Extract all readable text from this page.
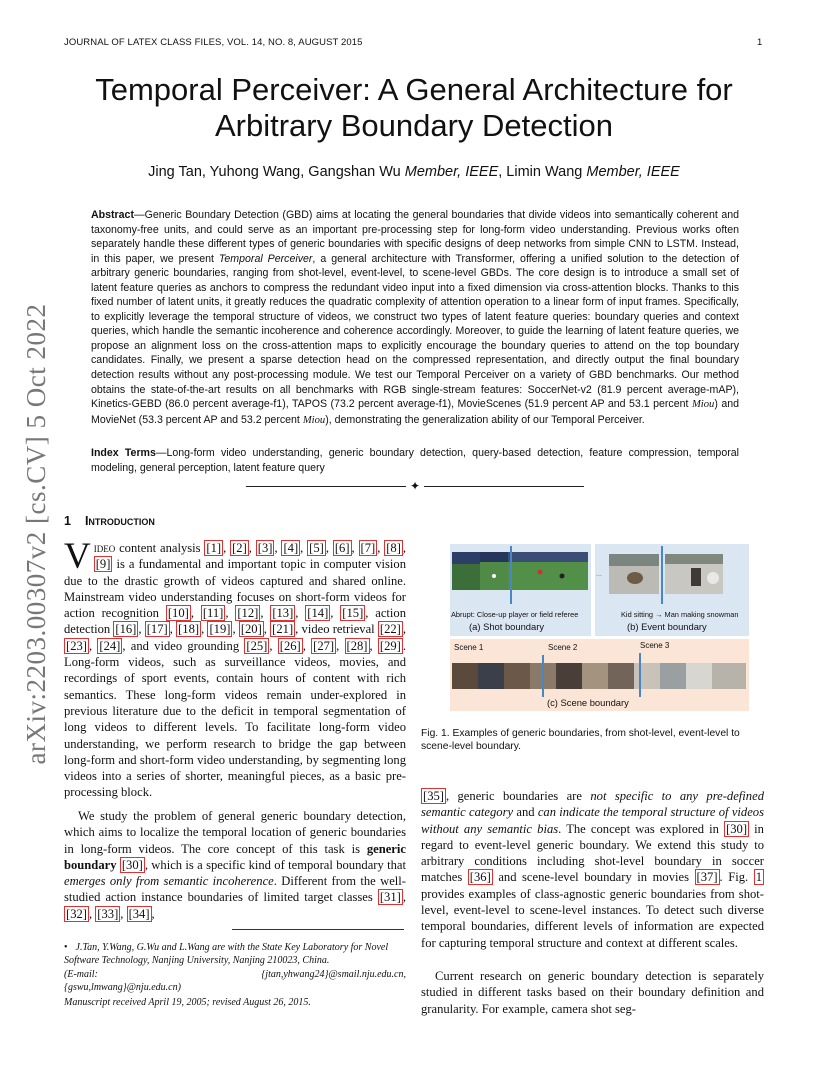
JOURNAL OF LATEX CLASS FILES, VOL. 14, NO. 8, AUGUST 2015	1
Temporal Perceiver: A General Architecture for Arbitrary Boundary Detection
Jing Tan, Yuhong Wang, Gangshan Wu Member, IEEE, Limin Wang Member, IEEE
Abstract—Generic Boundary Detection (GBD) aims at locating the general boundaries that divide videos into semantically coherent and taxonomy-free units, and could serve as an important pre-processing step for long-form video understanding. Previous works often separately handle these different types of generic boundaries with specific designs of deep networks from simple CNN to LSTM. Instead, in this paper, we present Temporal Perceiver, a general architecture with Transformer, offering a unified solution to the detection of arbitrary generic boundaries, ranging from shot-level, event-level, to scene-level GBDs. The core design is to introduce a small set of latent feature queries as anchors to compress the redundant video input into a fixed dimension via cross-attention blocks. Thanks to this fixed number of latent units, it greatly reduces the quadratic complexity of attention operation to a linear form of input frames. Specifically, to explicitly leverage the temporal structure of videos, we construct two types of latent feature queries: boundary queries and context queries, which handle the semantic incoherence and coherence accordingly. Moreover, to guide the learning of latent feature queries, we propose an alignment loss on the cross-attention maps to explicitly encourage the boundary queries to attend on the top boundary candidates. Finally, we present a sparse detection head on the compressed representation, and directly output the final boundary detection results without any post-processing module. We test our Temporal Perceiver on a variety of GBD benchmarks. Our method obtains the state-of-the-art results on all benchmarks with RGB single-stream features: SoccerNet-v2 (81.9 percent average-mAP), Kinetics-GEBD (86.0 percent average-f1), TAPOS (73.2 percent average-f1), MovieScenes (51.9 percent AP and 53.1 percent Miou) and MovieNet (53.3 percent AP and 53.2 percent Miou), demonstrating the generalization ability of our Temporal Perceiver.
Index Terms—Long-form video understanding, generic boundary detection, query-based detection, feature compression, temporal modeling, general perception, latent feature query
✦
arXiv:2203.00307v2 [cs.CV] 5 Oct 2022	1 Introduction
Video content analysis [1] , [2] , [3] , [4] , [5] , [6] , [7] , [8] , [9] is a fundamental and important topic in computer vision due to the drastic growth of videos captured and shared online. Mainstream video understanding focuses on short-form videos for action recognition [10] , [11] , [12] , [13] , [14] , [15] , action detection [16] , [17] , [18] , [19] , [20] , [21] , video retrieval [22] , [23] , [24] , and video grounding [25] , [26] , [27] , [28] , [29] . Long-form videos, such as surveillance videos, movies, and recordings of sport events, contain hours of content with rich semantics. These long-form videos remain under-explored in previous literature due to the deficit in temporal segmentation of long videos to different levels. To facilitate long-form video understanding, we perform research to bridge the gap between long-form and short-form video understanding, by segmenting long videos into a series of shorter, meaningful pieces, as a basic pre-processing block.
We study the problem of general generic boundary detection, which aims to localize the temporal location of generic boundaries in long-form videos. The core concept of this task is generic boundary [30] , which is a specific kind of temporal boundary that emerges only from semantic incoherence. Different from the well-studied action instance boundaries of limited target classes [31] , [32] , [33] , [34] ,
• J.Tan, Y.Wang, G.Wu and L.Wang are with the State Key Laboratory for Novel Software Technology, Nanjing University, Nanjing 210023, China.
(E-mail:	{jtan,yhwang24}@smail.nju.edu.cn,

{gswu,lmwang}@nju.edu.cn)
Manuscript received April 19, 2005; revised August 26, 2015.
Abrupt: Close-up player or field referee
(a) Shot boundary
...
Kid sitting → Man making snowman
(b) Event boundary
Scene 1	Scene 2	Scene 3
(c) Scene boundary
Fig. 1. Examples of generic boundaries, from shot-level, event-level to scene-level boundary.
[35] , generic boundaries are not specific to any pre-defined semantic category and can indicate the temporal structure of videos without any semantic bias. The concept was explored in [30] in regard to event-level generic boundary. We extend this study to arbitrary conditions including shot-level boundary in soccer matches [36] and scene-level boundary in movies [37] . Fig. 1 provides examples of class-agnostic generic boundaries from shot-level, event-level to scene-level instances. To detect such diverse temporal boundaries, different levels of information are expected for capturing temporal structure and context at different scales.
Current research on generic boundary detection is separately studied in different tasks based on their boundary definition and granularity. For example, camera shot seg-
